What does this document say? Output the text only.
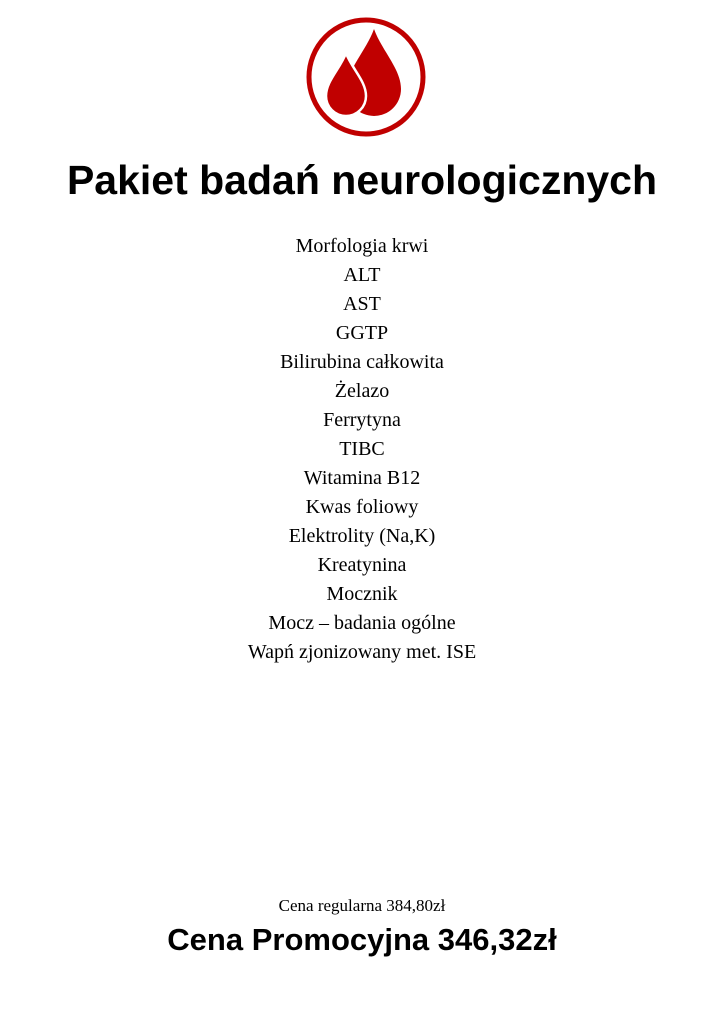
Pakiet badań neurologicznych
Morfologia krwi
ALT
AST
GGTP
Bilirubina całkowita
Żelazo
Ferrytyna
TIBC
Witamina B12
Kwas foliowy
Elektrolity (Na,K)
Kreatynina
Mocznik
Mocz – badania ogólne
Wapń zjonizowany met. ISE
Cena regularna 384,80zł
Cena Promocyjna 346,32zł
